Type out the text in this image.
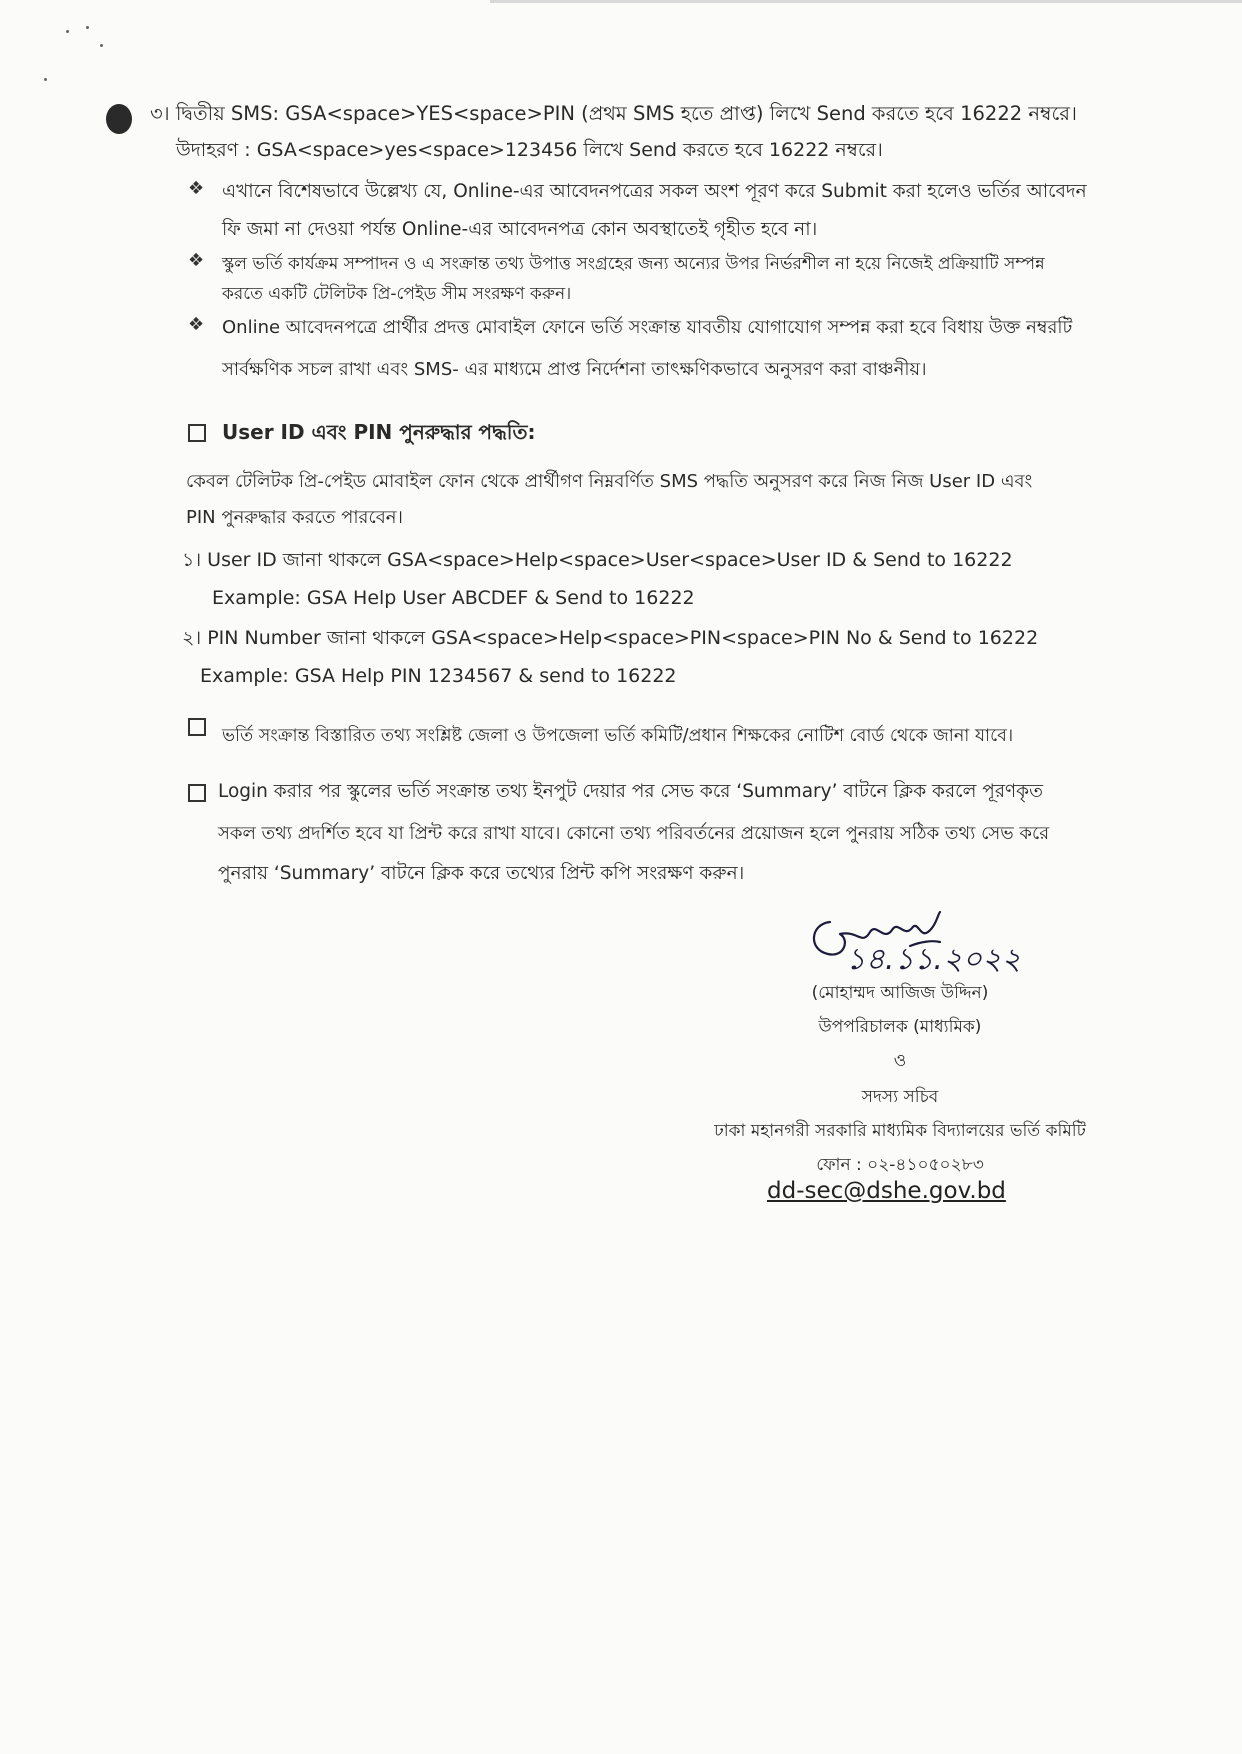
৩। দ্বিতীয় SMS: GSA<space>YES<space>PIN (প্রথম SMS হতে প্রাপ্ত) লিখে Send করতে হবে 16222 নম্বরে।
উদাহরণ : GSA<space>yes<space>123456 লিখে Send করতে হবে 16222 নম্বরে।
❖ এখানে বিশেষভাবে উল্লেখ্য যে, Online-এর আবেদনপত্রের সকল অংশ পূরণ করে Submit করা হলেও ভর্তির আবেদন
ফি জমা না দেওয়া পর্যন্ত Online-এর আবেদনপত্র কোন অবস্থাতেই গৃহীত হবে না।
❖ স্কুল ভর্তি কার্যক্রম সম্পাদন ও এ সংক্রান্ত তথ্য উপাত্ত সংগ্রহের জন্য অন্যের উপর নির্ভরশীল না হয়ে নিজেই প্রক্রিয়াটি সম্পন্ন
করতে একটি টেলিটক প্রি-পেইড সীম সংরক্ষণ করুন।
❖ Online আবেদনপত্রে প্রার্থীর প্রদত্ত মোবাইল ফোনে ভর্তি সংক্রান্ত যাবতীয় যোগাযোগ সম্পন্ন করা হবে বিধায় উক্ত নম্বরটি
সার্বক্ষণিক সচল রাখা এবং SMS- এর মাধ্যমে প্রাপ্ত নির্দেশনা তাৎক্ষণিকভাবে অনুসরণ করা বাঞ্চনীয়।
User ID এবং PIN পুনরুদ্ধার পদ্ধতি:
কেবল টেলিটক প্রি-পেইড মোবাইল ফোন থেকে প্রার্থীগণ নিম্নবর্ণিত SMS পদ্ধতি অনুসরণ করে নিজ নিজ User ID এবং
PIN পুনরুদ্ধার করতে পারবেন।
১। User ID জানা থাকলে GSA<space>Help<space>User<space>User ID & Send to 16222
Example: GSA Help User ABCDEF & Send to 16222
২। PIN Number জানা থাকলে GSA<space>Help<space>PIN<space>PIN No & Send to 16222
Example: GSA Help PIN 1234567 & send to 16222
ভর্তি সংক্রান্ত বিস্তারিত তথ্য সংশ্লিষ্ট জেলা ও উপজেলা ভর্তি কমিটি/প্রধান শিক্ষকের নোটিশ বোর্ড থেকে জানা যাবে।
Login করার পর স্কুলের ভর্তি সংক্রান্ত তথ্য ইনপুট দেয়ার পর সেভ করে ‘Summary’ বাটনে ক্লিক করলে পূরণকৃত
সকল তথ্য প্রদর্শিত হবে যা প্রিন্ট করে রাখা যাবে। কোনো তথ্য পরিবর্তনের প্রয়োজন হলে পুনরায় সঠিক তথ্য সেভ করে
পুনরায় ‘Summary’ বাটনে ক্লিক করে তথ্যের প্রিন্ট কপি সংরক্ষণ করুন।
১৪.১১.২০২২
(মোহাম্মদ আজিজ উদ্দিন)
উপপরিচালক (মাধ্যমিক)
ও
সদস্য সচিব
ঢাকা মহানগরী সরকারি মাধ্যমিক বিদ্যালয়ের ভর্তি কমিটি
ফোন : ০২-৪১০৫০২৮৩
dd-sec@dshe.gov.bd
